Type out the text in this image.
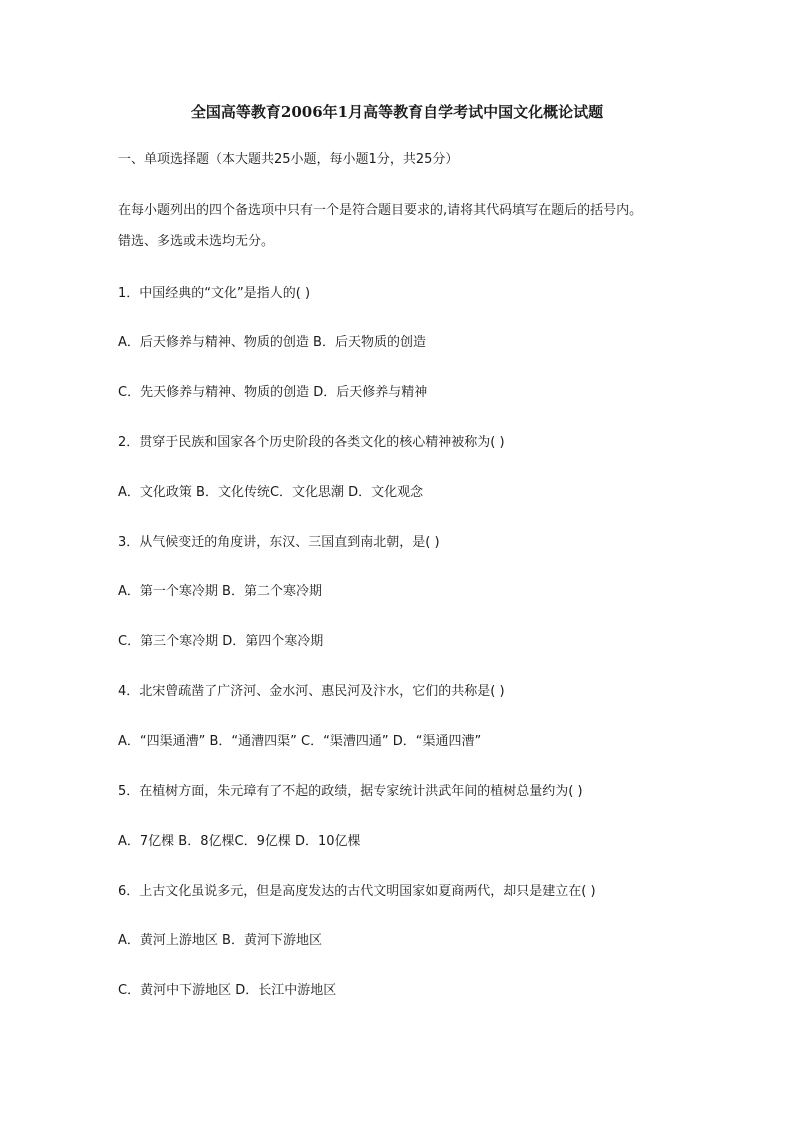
全国高等教育2006年1月高等教育自学考试中国文化概论试题
一、单项选择题（本大题共25小题，每小题1分，共25分）
在每小题列出的四个备选项中只有一个是符合题目要求的,请将其代码填写在题后的括号内。
错选、多选或未选均无分。
1．中国经典的“文化”是指人的( )
A．后天修养与精神、物质的创造 B．后天物质的创造
C．先天修养与精神、物质的创造 D．后天修养与精神
2．贯穿于民族和国家各个历史阶段的各类文化的核心精神被称为( )
A．文化政策 B．文化传统C．文化思潮 D．文化观念
3．从气候变迁的角度讲，东汉、三国直到南北朝，是( )
A．第一个寒冷期 B．第二个寒冷期
C．第三个寒冷期 D．第四个寒冷期
4．北宋曾疏凿了广济河、金水河、惠民河及汴水，它们的共称是( )
A．“四渠通漕” B．“通漕四渠” C．“渠漕四通” D．“渠通四漕”
5．在植树方面，朱元璋有了不起的政绩，据专家统计洪武年间的植树总量约为( )
A．7亿棵 B．8亿棵C．9亿棵 D．10亿棵
6．上古文化虽说多元，但是高度发达的古代文明国家如夏商两代，却只是建立在( )
A．黄河上游地区 B．黄河下游地区
C．黄河中下游地区 D．长江中游地区
